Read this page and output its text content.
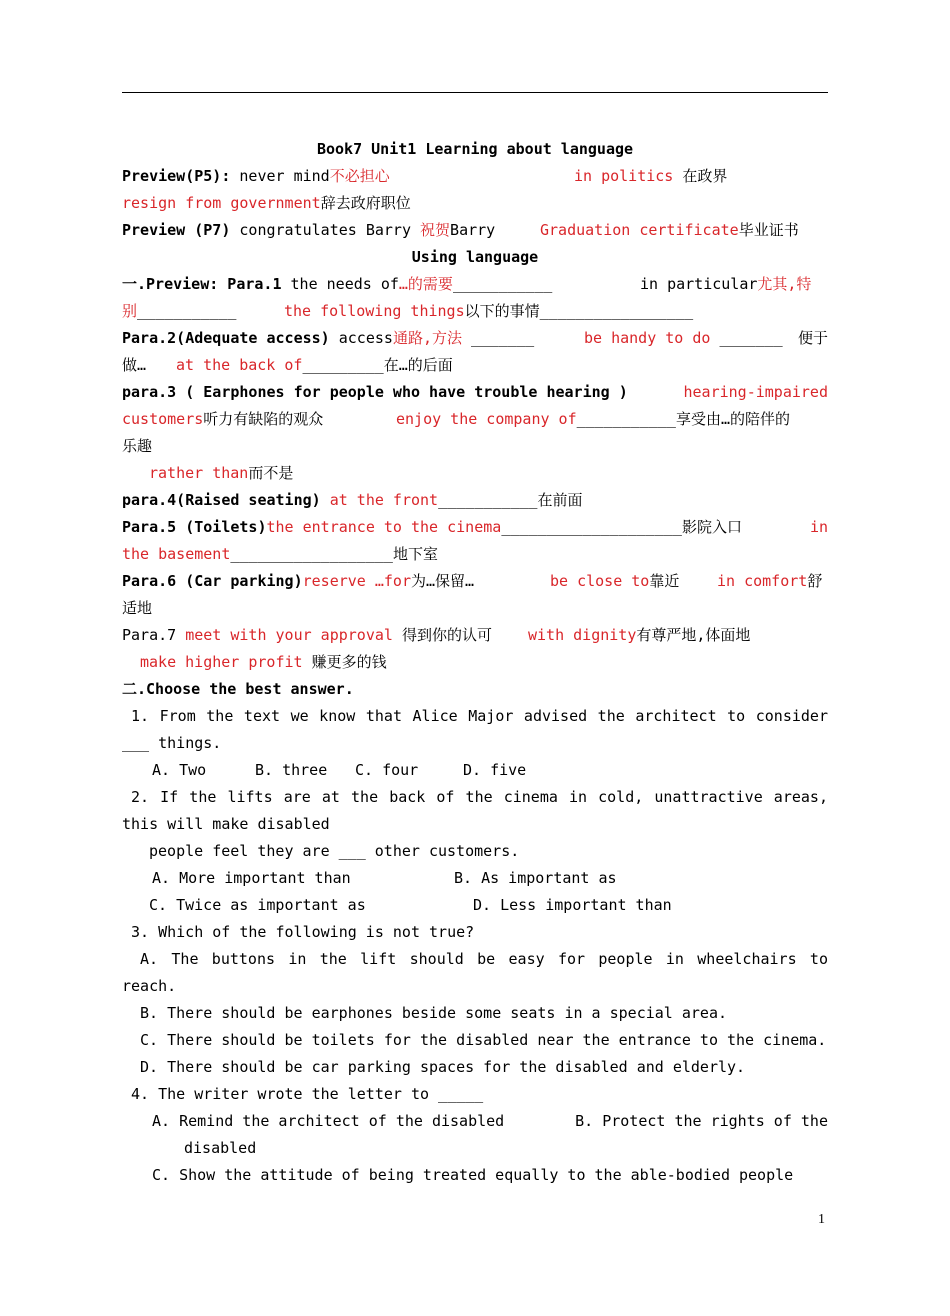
Book7 Unit1 Learning about language
Preview(P5): never mind不必担心	in politics 在政界
resign from government辞去政府职位
Preview (P7) congratulates Barry 祝贺Barry	Graduation certificate毕业证书
Using language
一.Preview: Para.1 the needs of…的需要___________	in particular尤其,特
别___________	the following things以下的事情_________________
Para.2(Adequate access) access通路,方法 _______	be handy to do _______ 便于
做… at the back of_________在…的后面
para.3 ( Earphones for people who have trouble hearing )	hearing-impaired
customers听力有缺陷的观众	enjoy the company of___________享受由…的陪伴的
乐趣
rather than而不是
para.4(Raised seating) at the front___________在前面
Para.5 (Toilets)the entrance to the cinema____________________影院入口	in
the basement__________________地下室
Para.6 (Car parking)reserve …for为…保留…	be close to靠近	in comfort舒
适地
Para.7 meet with your approval 得到你的认可 with dignity有尊严地,体面地
make higher profit 赚更多的钱
二.Choose the best answer.
1. From the text we know that Alice Major advised the architect to consider
___ things.
A. Two	B. three C. four	D. five
2. If the lifts are at the back of the cinema in cold, unattractive areas,
this will make disabled
people feel they are ___ other customers.
A. More important than	B. As important as
C. Twice as important as	D. Less important than
3. Which of the following is not true?
A. The buttons in the lift should be easy for people in wheelchairs to
reach.
B. There should be earphones beside some seats in a special area.
C. There should be toilets for the disabled near the entrance to the cinema.
D. There should be car parking spaces for the disabled and elderly.
4. The writer wrote the letter to _____
A. Remind the architect of the disabled	B. Protect the rights of the
disabled
C. Show the attitude of being treated equally to the able-bodied people
1
